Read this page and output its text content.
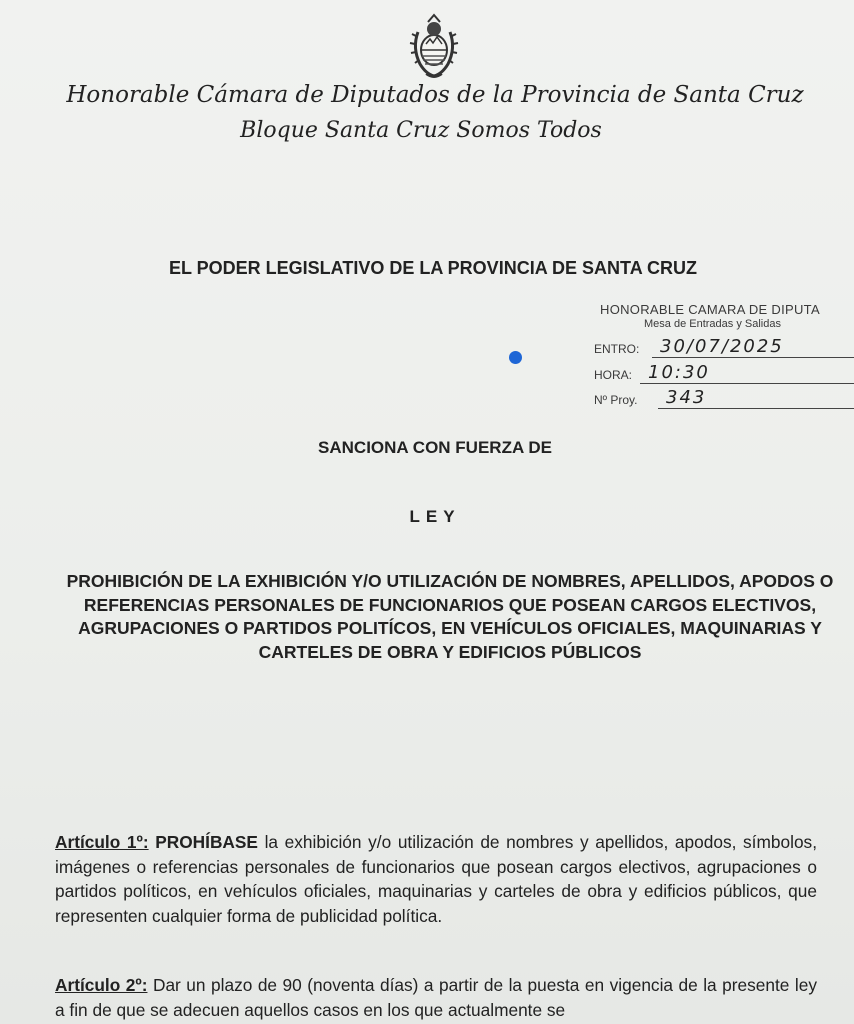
Honorable Cámara de Diputados de la Provincia de Santa Cruz
Bloque Santa Cruz Somos Todos
EL PODER LEGISLATIVO DE LA PROVINCIA DE SANTA CRUZ
HONORABLE CAMARA DE DIPUTA
Mesa de Entradas y Salidas
ENTRO:	30/07/2025
HORA: 10:30
Nº Proy.	343
SANCIONA CON FUERZA DE
LEY
PROHIBICIÓN DE LA EXHIBICIÓN Y/O UTILIZACIÓN DE NOMBRES, APELLIDOS, APODOS O REFERENCIAS PERSONALES DE FUNCIONARIOS QUE POSEAN CARGOS ELECTIVOS, AGRUPACIONES O PARTIDOS POLITÍCOS, EN VEHÍCULOS OFICIALES, MAQUINARIAS Y CARTELES DE OBRA Y EDIFICIOS PÚBLICOS
Artículo 1º: PROHÍBASE la exhibición y/o utilización de nombres y apellidos, apodos, símbolos, imágenes o referencias personales de funcionarios que posean cargos electivos, agrupaciones o partidos políticos, en vehículos oficiales, maquinarias y carteles de obra y edificios públicos, que representen cualquier forma de publicidad política.
Artículo 2º: Dar un plazo de 90 (noventa días) a partir de la puesta en vigencia de la presente ley a fin de que se adecuen aquellos casos en los que actualmente se
